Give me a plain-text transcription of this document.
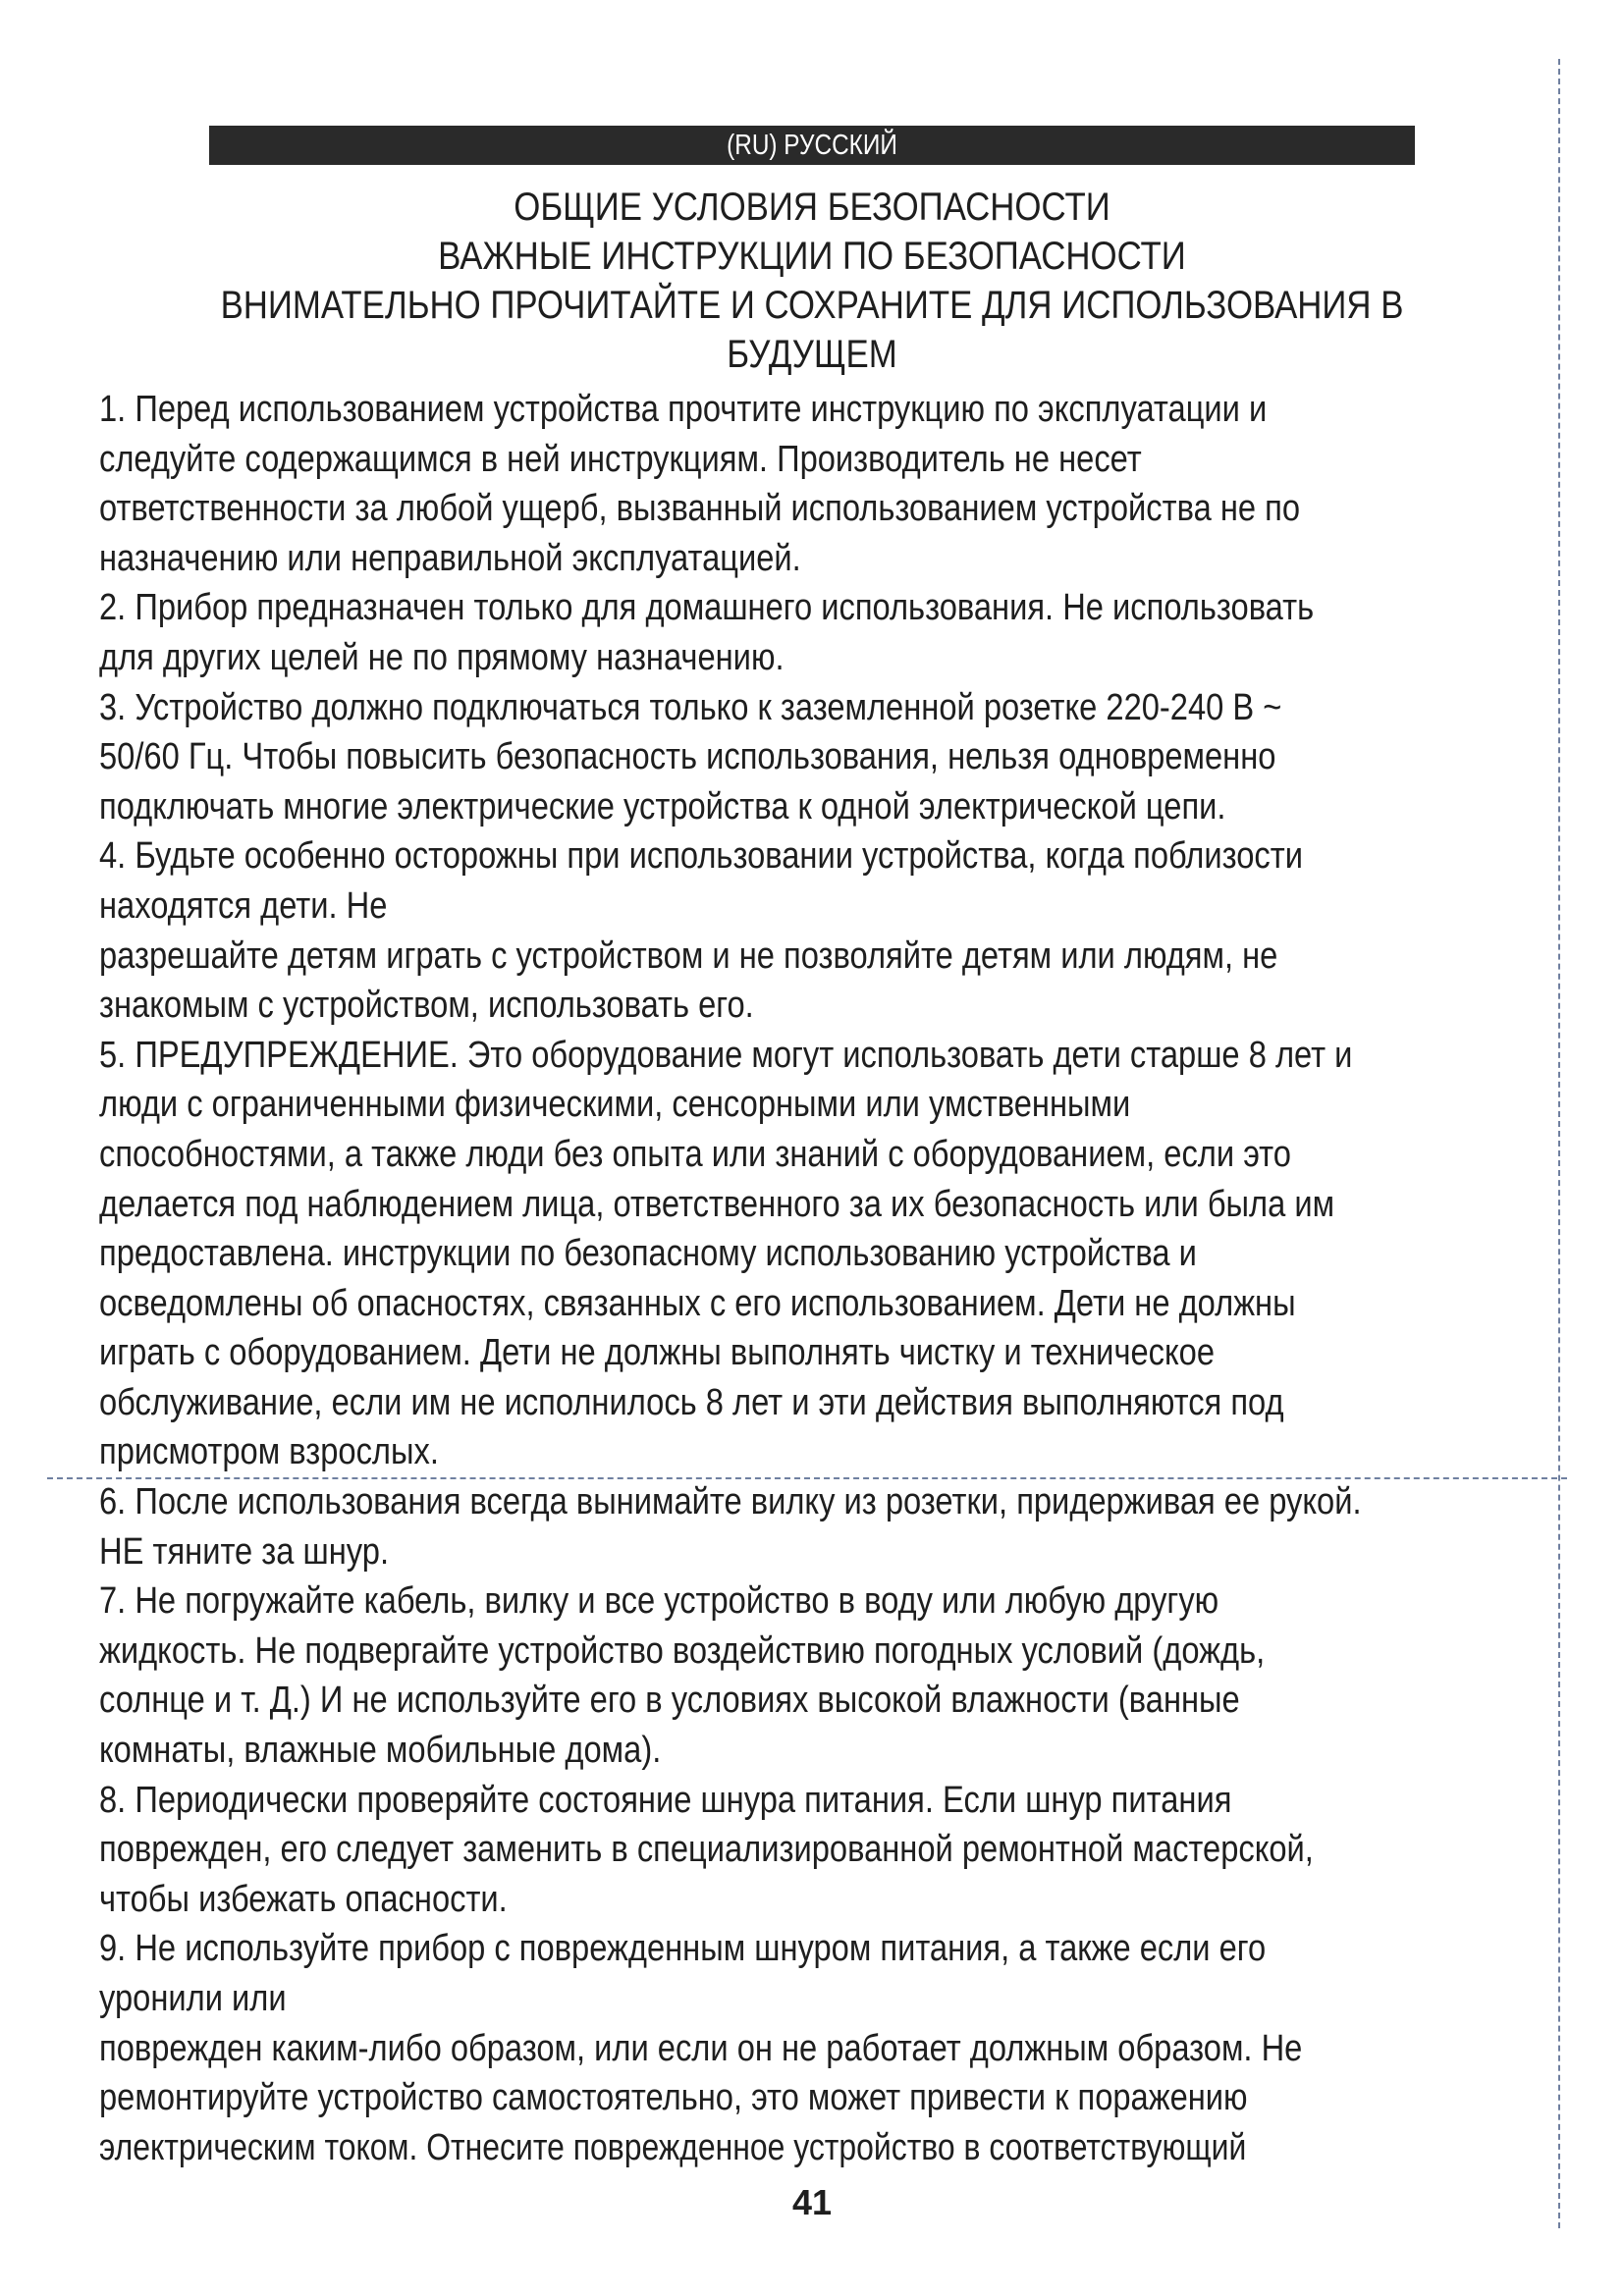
(RU) РУССКИЙ
ОБЩИЕ УСЛОВИЯ БЕЗОПАСНОСТИ
ВАЖНЫЕ ИНСТРУКЦИИ ПО БЕЗОПАСНОСТИ
ВНИМАТЕЛЬНО ПРОЧИТАЙТЕ И СОХРАНИТЕ ДЛЯ ИСПОЛЬЗОВАНИЯ В
БУДУЩЕМ
1. Перед использованием устройства прочтите инструкцию по эксплуатации и
следуйте содержащимся в ней инструкциям. Производитель не несет
ответственности за любой ущерб, вызванный использованием устройства не по
назначению или неправильной эксплуатацией.
2. Прибор предназначен только для домашнего использования. Не использовать
для других целей не по прямому назначению.
3. Устройство должно подключаться только к заземленной розетке 220-240 В ~
50/60 Гц. Чтобы повысить безопасность использования, нельзя одновременно
подключать многие электрические устройства к одной электрической цепи.
4. Будьте особенно осторожны при использовании устройства, когда поблизости
находятся дети. Не
разрешайте детям играть с устройством и не позволяйте детям или людям, не
знакомым с устройством, использовать его.
5. ПРЕДУПРЕЖДЕНИЕ. Это оборудование могут использовать дети старше 8 лет и
люди с ограниченными физическими, сенсорными или умственными
способностями, а также люди без опыта или знаний с оборудованием, если это
делается под наблюдением лица, ответственного за их безопасность или была им
предоставлена. инструкции по безопасному использованию устройства и
осведомлены об опасностях, связанных с его использованием. Дети не должны
играть с оборудованием. Дети не должны выполнять чистку и техническое
обслуживание, если им не исполнилось 8 лет и эти действия выполняются под
присмотром взрослых.
6. После использования всегда вынимайте вилку из розетки, придерживая ее рукой.
НЕ тяните за шнур.
7. Не погружайте кабель, вилку и все устройство в воду или любую другую
жидкость. Не подвергайте устройство воздействию погодных условий (дождь,
солнце и т. Д.) И не используйте его в условиях высокой влажности (ванные
комнаты, влажные мобильные дома).
8. Периодически проверяйте состояние шнура питания. Если шнур питания
поврежден, его следует заменить в специализированной ремонтной мастерской,
чтобы избежать опасности.
9. Не используйте прибор с поврежденным шнуром питания, а также если его
уронили или
поврежден каким-либо образом, или если он не работает должным образом. Не
ремонтируйте устройство самостоятельно, это может привести к поражению
электрическим током. Отнесите поврежденное устройство в соответствующий
41
